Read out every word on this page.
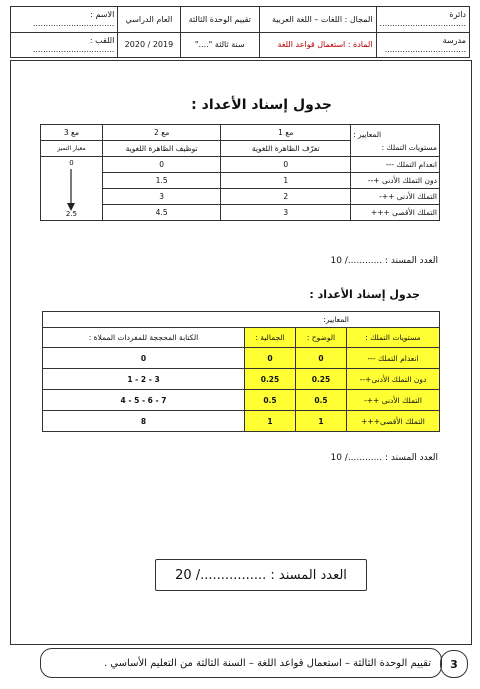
دائرة ..................................	المجال : اللغات – اللغة العربية	تقييم الوحدة الثالثة	العام الدراسي	الاسم : ................................
مدرسة ................................	المادة : استعمال قواعد اللغة	سنة ثالثة "...."	2019 / 2020	اللقب : ................................
جدول إسناد الأعداد :
المعايير :
مستويات التملك :	مع 1	مع 2	مع 3
	تعرّف الظاهرة اللغوية	توظيف الظاهرة اللغوية	معيار التميز
انعدام التملك ---	0	0	0
2.5

دون التملك الأدنى +--	1	1.5	
التملك الأدنى ++-	2	3	
التملك الأقصى +++	3	4.5	
العدد المسند : ............/ 10
جدول إسناد الأعداد :
المعايير:			
مستويات التملك :	الوضوح :	الجمالية :	الكتابة المحججة للمفردات المملاة :
انعدام التملك ---	0	0	0
دون التملك الأدنى+--	0.25	0.25	3 - 2 - 1
التملك الأدنى ++-	0.5	0.5	7 - 6 - 5 - 4
التملك الأقصى+++	1	1	8
العدد المسند : ............/ 10
العدد المسند : ................/ 20
تقييم الوحدة الثالثة – استعمال قواعد اللغة – السنة الثالثة من التعليم الأساسي .	3
